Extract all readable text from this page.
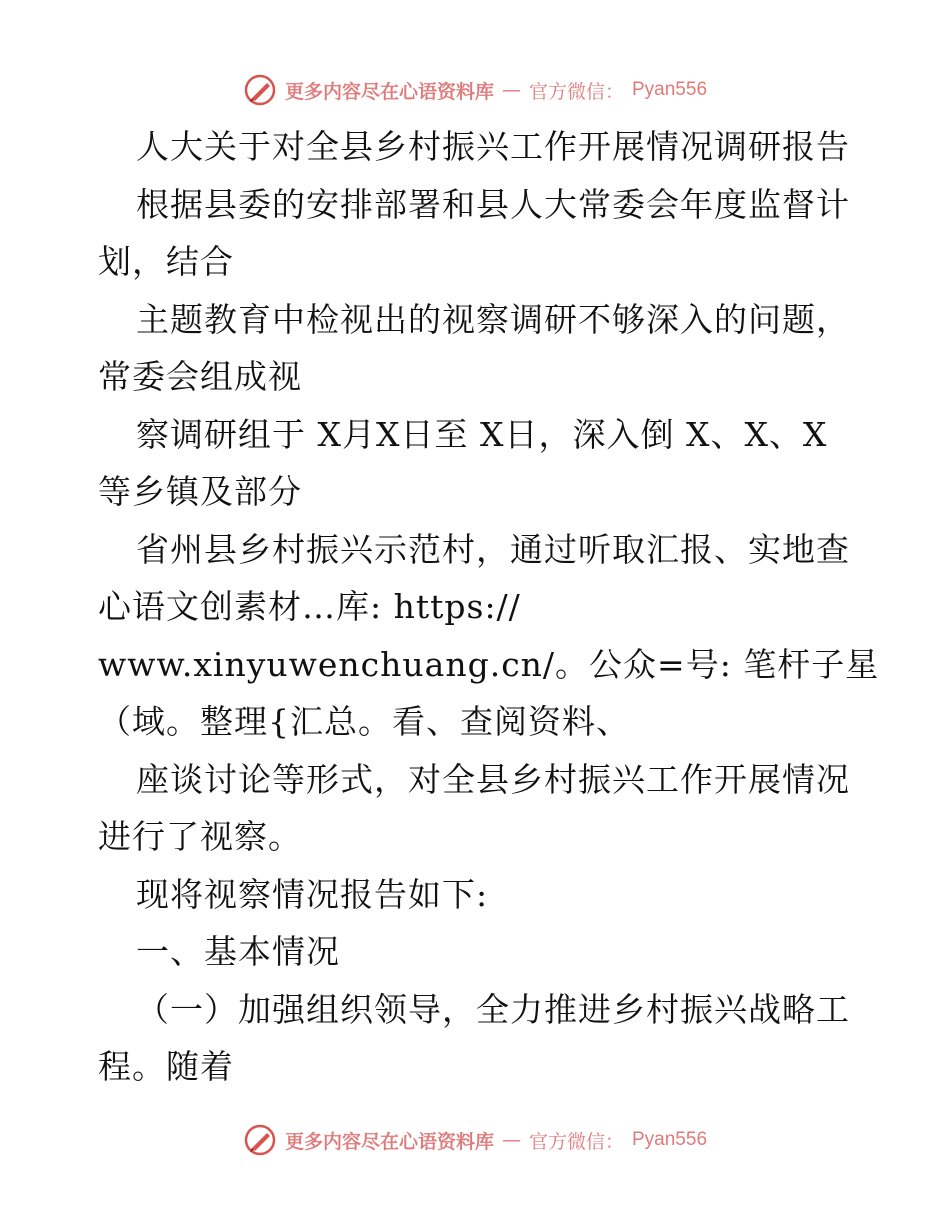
更多内容尽在心语资料库 — 官方微信： Pyan556
人大关于对全县乡村振兴工作开展情况调研报告
根据县委的安排部署和县人大常委会年度监督计
划，结合
主题教育中检视出的视察调研不够深入的问题，
常委会组成视
察调研组于 X月X日至 X日，深入倒 X、X、X
等乡镇及部分
省州县乡村振兴示范村，通过听取汇报、实地查
心语文创素材…库: https://
www.xinyuwenchuang.cn/。公众=号: 笔杆子星
（域。整理{汇总。看、查阅资料、
座谈讨论等形式，对全县乡村振兴工作开展情况
进行了视察。
现将视察情况报告如下:
一、基本情况
（一）加强组织领导，全力推进乡村振兴战略工
程。随着
更多内容尽在心语资料库 — 官方微信： Pyan556
